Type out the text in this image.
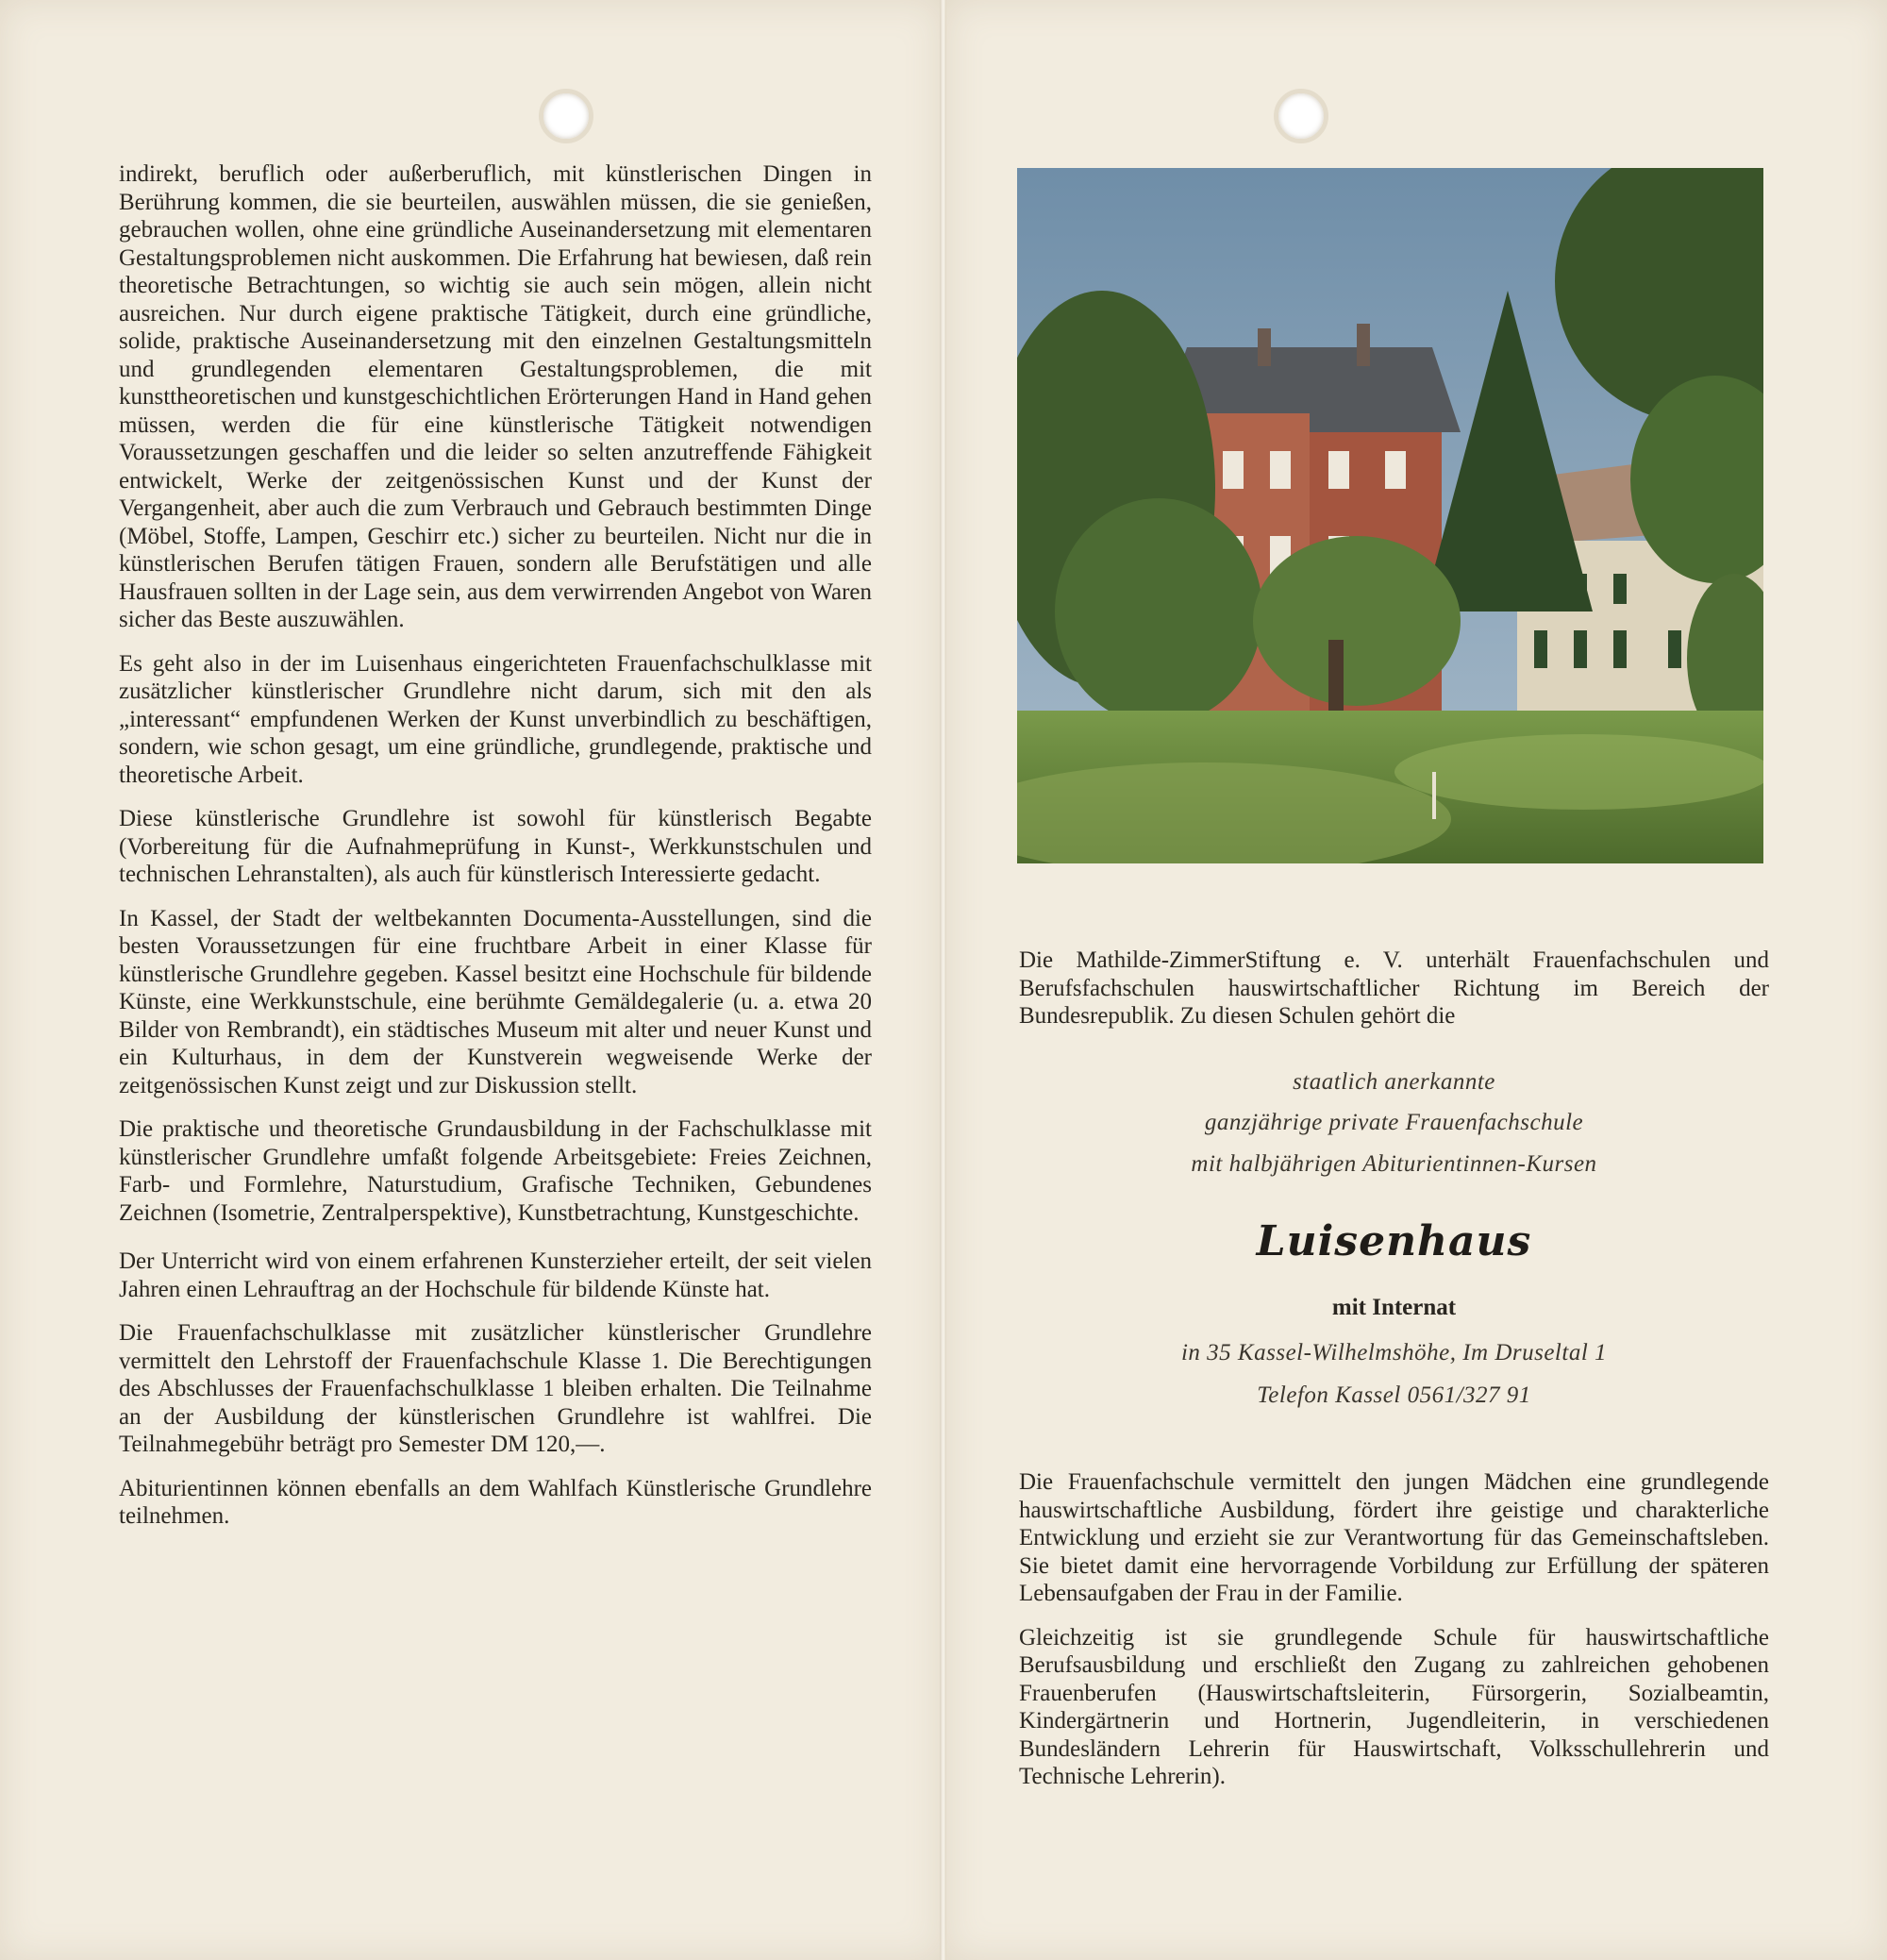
indirekt, beruflich oder außerberuflich, mit künstlerischen Dingen in Berührung kommen, die sie beurteilen, auswählen müssen, die sie genießen, gebrauchen wollen, ohne eine gründliche Auseinandersetzung mit elementaren Gestaltungsproblemen nicht auskommen. Die Erfahrung hat bewiesen, daß rein theoretische Betrachtungen, so wichtig sie auch sein mögen, allein nicht ausreichen. Nur durch eigene praktische Tätigkeit, durch eine gründliche, solide, praktische Auseinandersetzung mit den einzelnen Gestaltungsmitteln und grundlegenden elementaren Gestaltungsproblemen, die mit kunsttheoretischen und kunstgeschichtlichen Erörterungen Hand in Hand gehen müssen, werden die für eine künstlerische Tätigkeit notwendigen Voraussetzungen geschaffen und die leider so selten anzutreffende Fähigkeit entwickelt, Werke der zeitgenössischen Kunst und der Kunst der Vergangenheit, aber auch die zum Verbrauch und Gebrauch bestimmten Dinge (Möbel, Stoffe, Lampen, Geschirr etc.) sicher zu beurteilen. Nicht nur die in künstlerischen Berufen tätigen Frauen, sondern alle Berufstätigen und alle Hausfrauen sollten in der Lage sein, aus dem verwirrenden Angebot von Waren sicher das Beste auszuwählen.

Es geht also in der im Luisenhaus eingerichteten Frauenfachschulklasse mit zusätzlicher künstlerischer Grundlehre nicht darum, sich mit den als „interessant“ empfundenen Werken der Kunst unverbindlich zu beschäftigen, sondern, wie schon gesagt, um eine gründliche, grundlegende, praktische und theoretische Arbeit.

Diese künstlerische Grundlehre ist sowohl für künstlerisch Begabte (Vorbereitung für die Aufnahmeprüfung in Kunst-, Werkkunstschulen und technischen Lehranstalten), als auch für künstlerisch Interessierte gedacht.

In Kassel, der Stadt der weltbekannten Documenta-Ausstellungen, sind die besten Voraussetzungen für eine fruchtbare Arbeit in einer Klasse für künstlerische Grundlehre gegeben. Kassel besitzt eine Hochschule für bildende Künste, eine Werkkunstschule, eine berühmte Gemäldegalerie (u. a. etwa 20 Bilder von Rembrandt), ein städtisches Museum mit alter und neuer Kunst und ein Kulturhaus, in dem der Kunstverein wegweisende Werke der zeitgenössischen Kunst zeigt und zur Diskussion stellt.

Die praktische und theoretische Grundausbildung in der Fachschulklasse mit künstlerischer Grundlehre umfaßt folgende Arbeitsgebiete: Freies Zeichnen, Farb- und Formlehre, Naturstudium, Grafische Techniken, Gebundenes Zeichnen (Isometrie, Zentralperspektive), Kunstbetrachtung, Kunstgeschichte.

Der Unterricht wird von einem erfahrenen Kunsterzieher erteilt, der seit vielen Jahren einen Lehrauftrag an der Hochschule für bildende Künste hat.

Die Frauenfachschulklasse mit zusätzlicher künstlerischer Grundlehre vermittelt den Lehrstoff der Frauenfachschule Klasse 1. Die Berechtigungen des Abschlusses der Frauenfachschulklasse 1 bleiben erhalten. Die Teilnahme an der Ausbildung der künstlerischen Grundlehre ist wahlfrei. Die Teilnahmegebühr beträgt pro Semester DM 120,—.

Abiturientinnen können ebenfalls an dem Wahlfach Künstlerische Grundlehre teilnehmen.

Die Mathilde-ZimmerStiftung e. V. unterhält Frauenfachschulen und Berufsfachschulen hauswirtschaftlicher Richtung im Bereich der Bundesrepublik. Zu diesen Schulen gehört die
staatlich anerkannte
ganzjährige private Frauenfachschule
mit halbjährigen Abiturientinnen-Kursen
Luisenhaus
mit Internat
in 35 Kassel-Wilhelmshöhe, Im Druseltal 1
Telefon Kassel 0561/327 91

Die Frauenfachschule vermittelt den jungen Mädchen eine grundlegende hauswirtschaftliche Ausbildung, fördert ihre geistige und charakterliche Entwicklung und erzieht sie zur Verantwortung für das Gemeinschaftsleben. Sie bietet damit eine hervorragende Vorbildung zur Erfüllung der späteren Lebensaufgaben der Frau in der Familie.

Gleichzeitig ist sie grundlegende Schule für hauswirtschaftliche Berufsausbildung und erschließt den Zugang zu zahlreichen gehobenen Frauenberufen (Hauswirtschaftsleiterin, Fürsorgerin, Sozialbeamtin, Kindergärtnerin und Hortnerin, Jugendleiterin, in verschiedenen Bundesländern Lehrerin für Hauswirtschaft, Volksschullehrerin und Technische Lehrerin).
